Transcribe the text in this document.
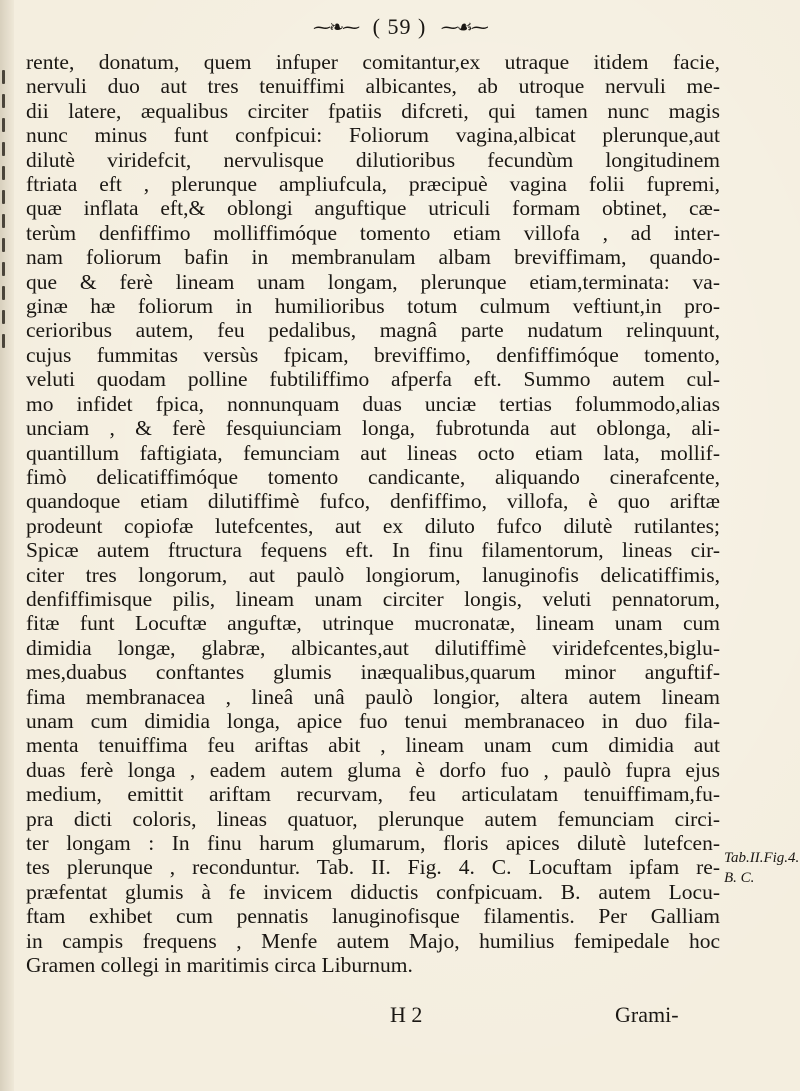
⁓❧⁓ ( 59 ) ⁓☙⁓
rente, donatum, quem infuper comitantur,ex utraque itidem facie,
nervuli duo aut tres tenuiffimi albicantes, ab utroque nervuli me-
dii latere, æqualibus circiter fpatiis difcreti, qui tamen nunc magis
nunc minus funt confpicui: Foliorum vagina,albicat plerunque,aut
dilutè viridefcit, nervulisque dilutioribus fecundùm longitudinem
ftriata eft , plerunque ampliufcula, præcipuè vagina folii fupremi,
quæ inflata eft,& oblongi anguftique utriculi formam obtinet, cæ-
terùm denfiffimo molliffimóque tomento etiam villofa , ad inter-
nam foliorum bafin in membranulam albam breviffimam, quando-
que & ferè lineam unam longam, plerunque etiam,terminata: va-
ginæ hæ foliorum in humilioribus totum culmum veftiunt,in pro-
cerioribus autem, feu pedalibus, magnâ parte nudatum relinquunt,
cujus fummitas versùs fpicam, breviffimo, denfiffimóque tomento,
veluti quodam polline fubtiliffimo afperfa eft. Summo autem cul-
mo infidet fpica, nonnunquam duas unciæ tertias folummodo,alias
unciam , & ferè fesquiunciam longa, fubrotunda aut oblonga, ali-
quantillum faftigiata, femunciam aut lineas octo etiam lata, mollif-
fimò delicatiffimóque tomento candicante, aliquando cinerafcente,
quandoque etiam dilutiffimè fufco, denfiffimo, villofa, è quo ariftæ
prodeunt copiofæ lutefcentes, aut ex diluto fufco dilutè rutilantes;
Spicæ autem ftructura fequens eft. In finu filamentorum, lineas cir-
citer tres longorum, aut paulò longiorum, lanuginofis delicatiffimis,
denfiffimisque pilis, lineam unam circiter longis, veluti pennatorum,
fitæ funt Locuftæ anguftæ, utrinque mucronatæ, lineam unam cum
dimidia longæ, glabræ, albicantes,aut dilutiffimè viridefcentes,biglu-
mes,duabus conftantes glumis inæqualibus,quarum minor anguftif-
fima membranacea , lineâ unâ paulò longior, altera autem lineam
unam cum dimidia longa, apice fuo tenui membranaceo in duo fila-
menta tenuiffima feu ariftas abit , lineam unam cum dimidia aut
duas ferè longa , eadem autem gluma è dorfo fuo , paulò fupra ejus
medium, emittit ariftam recurvam, feu articulatam tenuiffimam,fu-
pra dicti coloris, lineas quatuor, plerunque autem femunciam circi-
ter longam : In finu harum glumarum, floris apices dilutè lutefcen-
tes plerunque , reconduntur. Tab. II. Fig. 4. C. Locuftam ipfam re-
præfentat glumis à fe invicem diductis confpicuam. B. autem Locu-
ftam exhibet cum pennatis lanuginofisque filamentis. Per Galliam
in campis frequens , Menfe autem Majo, humilius femipedale hoc
Gramen collegi in maritimis circa Liburnum.
Tab.II.Fig.4.
B. C.
H 2	Grami-
